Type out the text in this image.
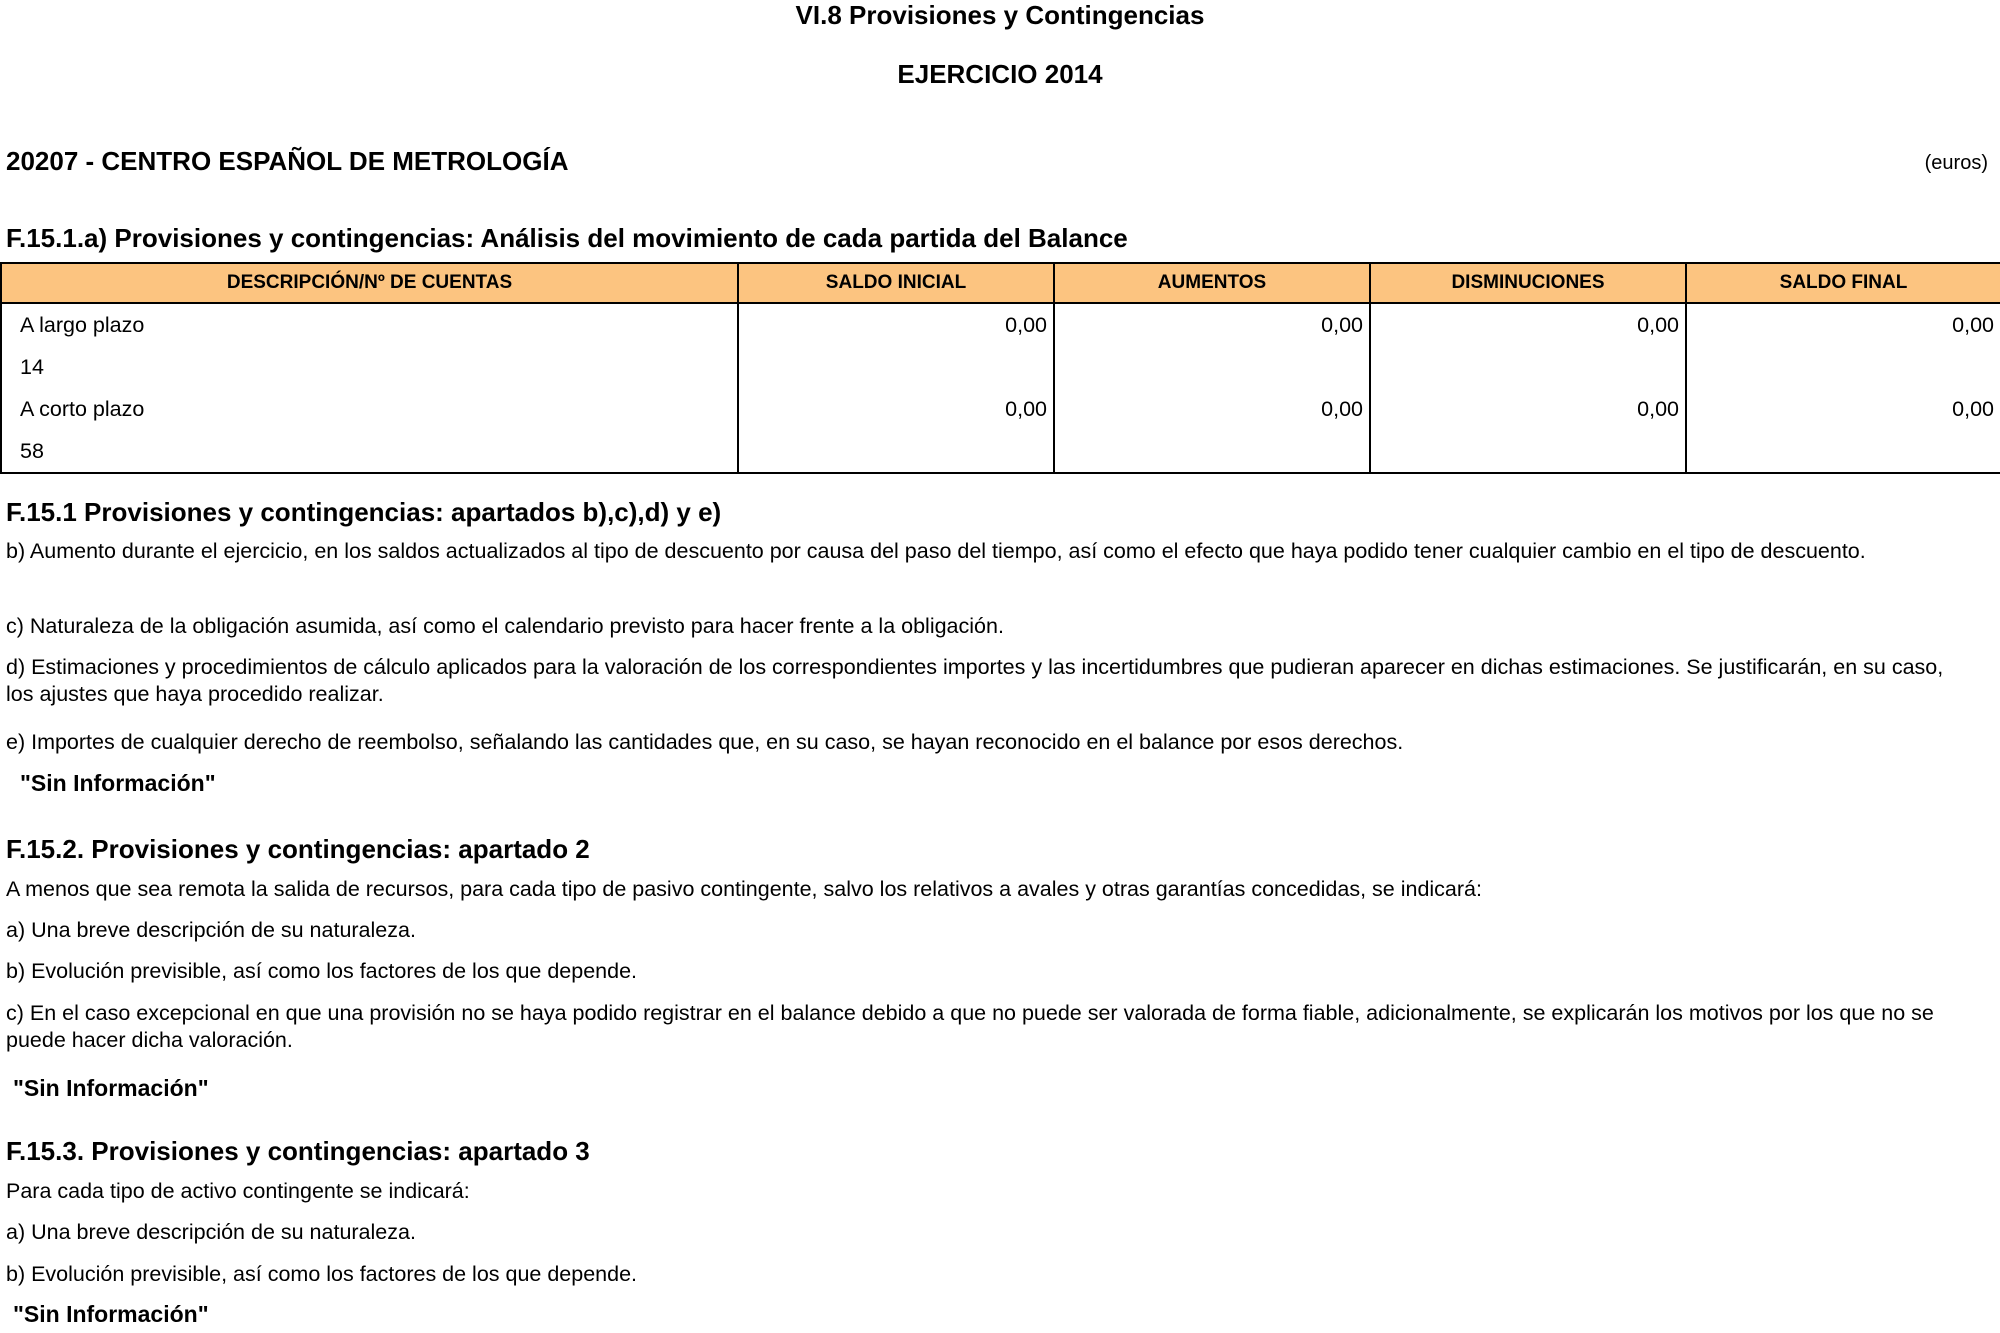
VI.8 Provisiones y Contingencias
EJERCICIO 2014
20207 - CENTRO ESPAÑOL DE METROLOGÍA	(euros)
F.15.1.a) Provisiones y contingencias: Análisis del movimiento de cada partida del Balance
DESCRIPCIÓN/Nº DE CUENTAS	SALDO INICIAL	AUMENTOS	DISMINUCIONES	SALDO FINAL
A largo plazo	0,00	0,00	0,00	0,00
14				
A corto plazo	0,00	0,00	0,00	0,00
58				
F.15.1 Provisiones y contingencias: apartados b),c),d) y e)
b) Aumento durante el ejercicio, en los saldos actualizados al tipo de descuento por causa del paso del tiempo, así como el efecto que haya podido tener cualquier cambio en el tipo de descuento.
c) Naturaleza de la obligación asumida, así como el calendario previsto para hacer frente a la obligación.
d) Estimaciones y procedimientos de cálculo aplicados para la valoración de los correspondientes importes y las incertidumbres que pudieran aparecer en dichas estimaciones. Se justificarán, en su caso, los ajustes que haya procedido realizar.
e) Importes de cualquier derecho de reembolso, señalando las cantidades que, en su caso, se hayan reconocido en el balance por esos derechos.
"Sin Información"
F.15.2. Provisiones y contingencias: apartado 2
A menos que sea remota la salida de recursos, para cada tipo de pasivo contingente, salvo los relativos a avales y otras garantías concedidas, se indicará:
a) Una breve descripción de su naturaleza.
b) Evolución previsible, así como los factores de los que depende.
c) En el caso excepcional en que una provisión no se haya podido registrar en el balance debido a que no puede ser valorada de forma fiable, adicionalmente, se explicarán los motivos por los que no se puede hacer dicha valoración.
"Sin Información"
F.15.3. Provisiones y contingencias: apartado 3
Para cada tipo de activo contingente se indicará:
a) Una breve descripción de su naturaleza.
b) Evolución previsible, así como los factores de los que depende.
"Sin Información"
